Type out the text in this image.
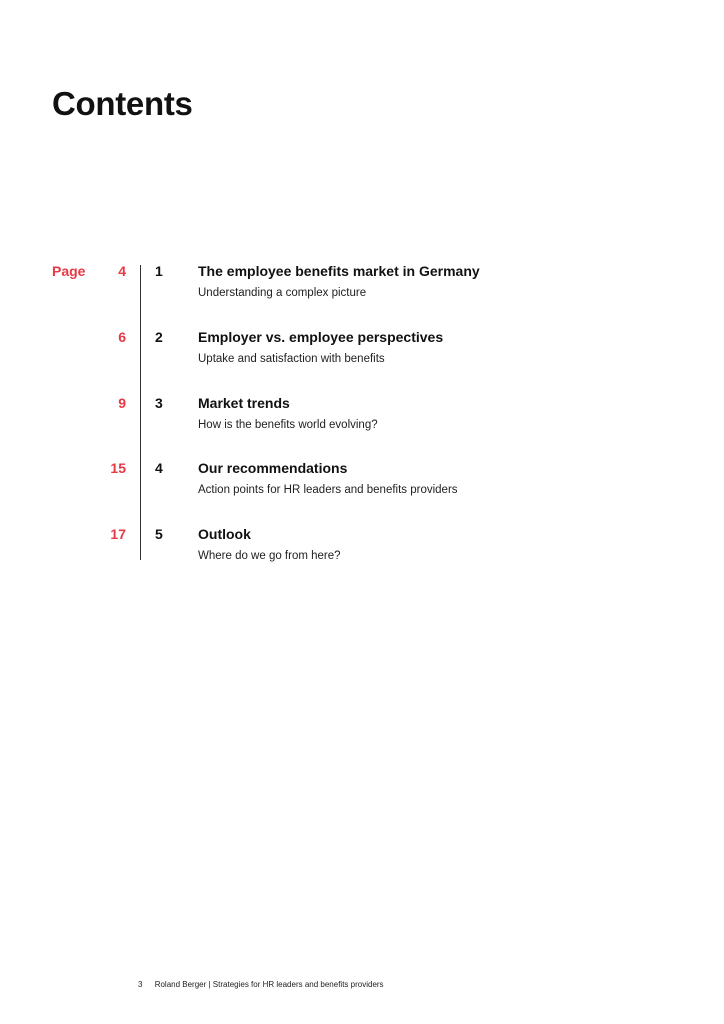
Contents
Page	4 1	The employee benefits market in Germany
Understanding a complex picture
6 2	Employer vs. employee perspectives
Uptake and satisfaction with benefits
9 3	Market trends
How is the benefits world evolving?
15 4	Our recommendations
Action points for HR leaders and benefits providers
17 5	Outlook
Where do we go from here?
3 Roland Berger | Strategies for HR leaders and benefits providers
